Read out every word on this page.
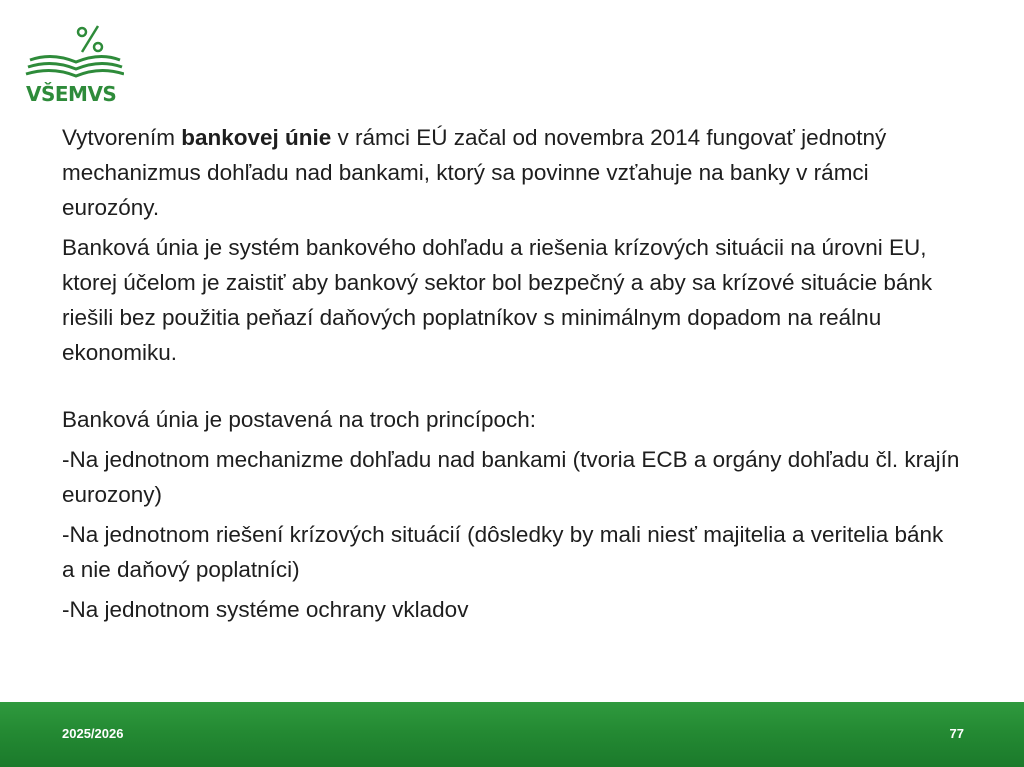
VŠEMVS

Vytvorením bankovej únie v rámci EÚ začal od novembra 2014 fungovať jednotný mechanizmus dohľadu nad bankami, ktorý sa povinne vzťahuje na banky v rámci eurozóny.

Banková únia je systém bankového dohľadu a riešenia krízových situácii na úrovni EU, ktorej účelom je zaistiť aby bankový sektor bol bezpečný a aby sa krízové situácie bánk riešili bez použitia peňazí daňových poplatníkov s minimálnym dopadom na reálnu ekonomiku.

Banková únia je postavená na troch princípoch:

-Na jednotnom mechanizme dohľadu nad bankami (tvoria ECB a orgány dohľadu čl. krajín eurozony)

-Na jednotnom riešení krízových situácií (dôsledky by mali niesť majitelia a veritelia bánk a nie daňový poplatníci)

-Na jednotnom systéme ochrany vkladov

2025/2026	77
